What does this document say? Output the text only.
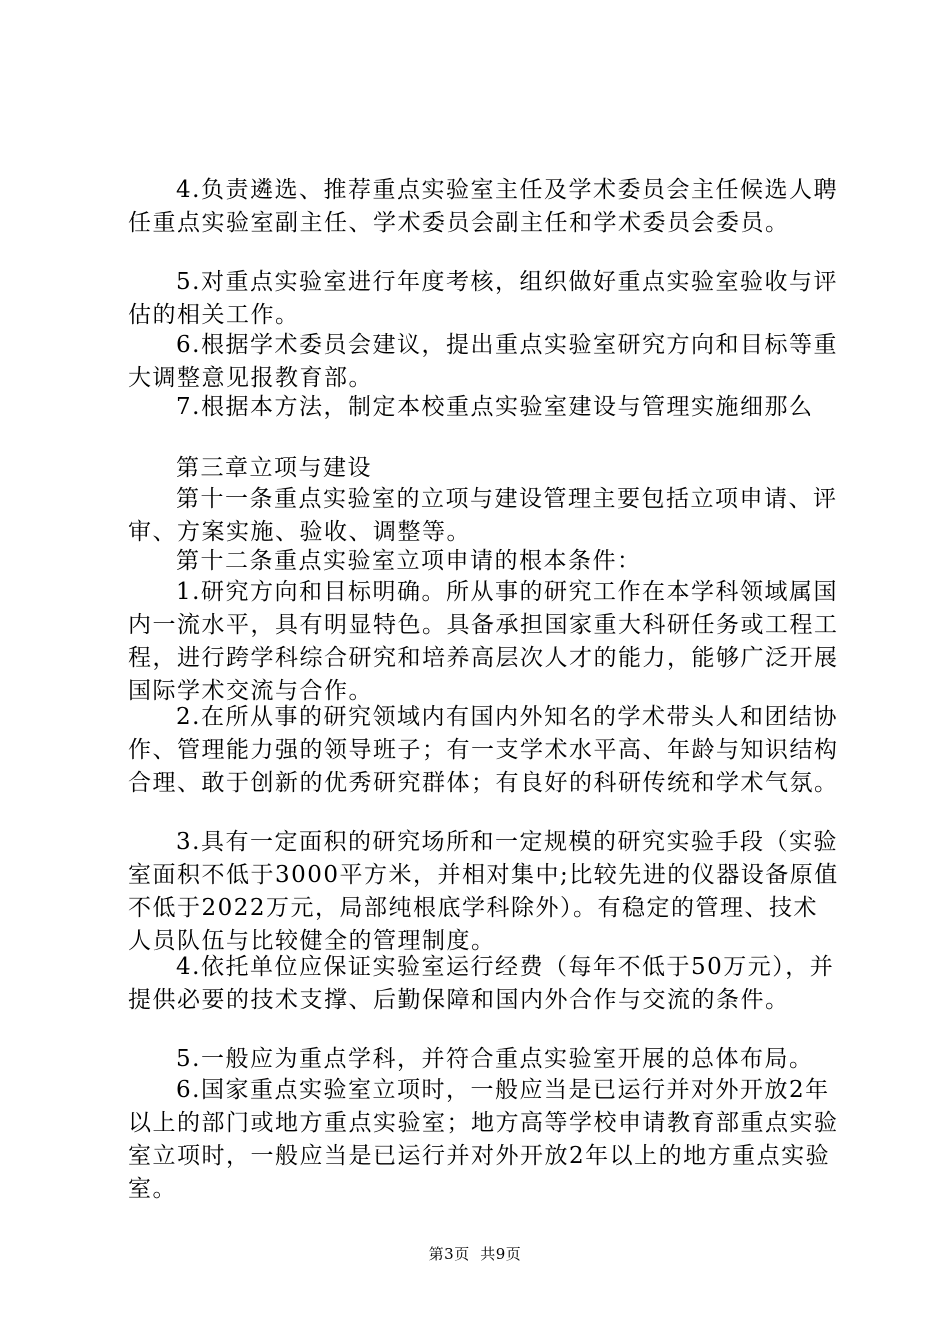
4.负责遴选、推荐重点实验室主任及学术委员会主任候选人聘任重点实验室副主任、学术委员会副主任和学术委员会委员。

5.对重点实验室进行年度考核，组织做好重点实验室验收与评估的相关工作。

6.根据学术委员会建议，提出重点实验室研究方向和目标等重大调整意见报教育部。

7.根据本方法，制定本校重点实验室建设与管理实施细那么

第三章立项与建设

第十一条重点实验室的立项与建设管理主要包括立项申请、评审、方案实施、验收、调整等。

第十二条重点实验室立项申请的根本条件：

1.研究方向和目标明确。所从事的研究工作在本学科领域属国内一流水平，具有明显特色。具备承担国家重大科研任务或工程工程，进行跨学科综合研究和培养高层次人才的能力，能够广泛开展国际学术交流与合作。

2.在所从事的研究领域内有国内外知名的学术带头人和团结协作、管理能力强的领导班子；有一支学术水平高、年龄与知识结构合理、敢于创新的优秀研究群体；有良好的科研传统和学术气氛。

3.具有一定面积的研究场所和一定规模的研究实验手段（实验室面积不低于3000平方米，并相对集中;比较先进的仪器设备原值不低于2022万元，局部纯根底学科除外）。有稳定的管理、技术人员队伍与比较健全的管理制度。

4.依托单位应保证实验室运行经费（每年不低于50万元），并提供必要的技术支撑、后勤保障和国内外合作与交流的条件。

5.一般应为重点学科，并符合重点实验室开展的总体布局。

6.国家重点实验室立项时，一般应当是已运行并对外开放2年以上的部门或地方重点实验室；地方高等学校申请教育部重点实验室立项时，一般应当是已运行并对外开放2年以上的地方重点实验室。

第3页 共9页
